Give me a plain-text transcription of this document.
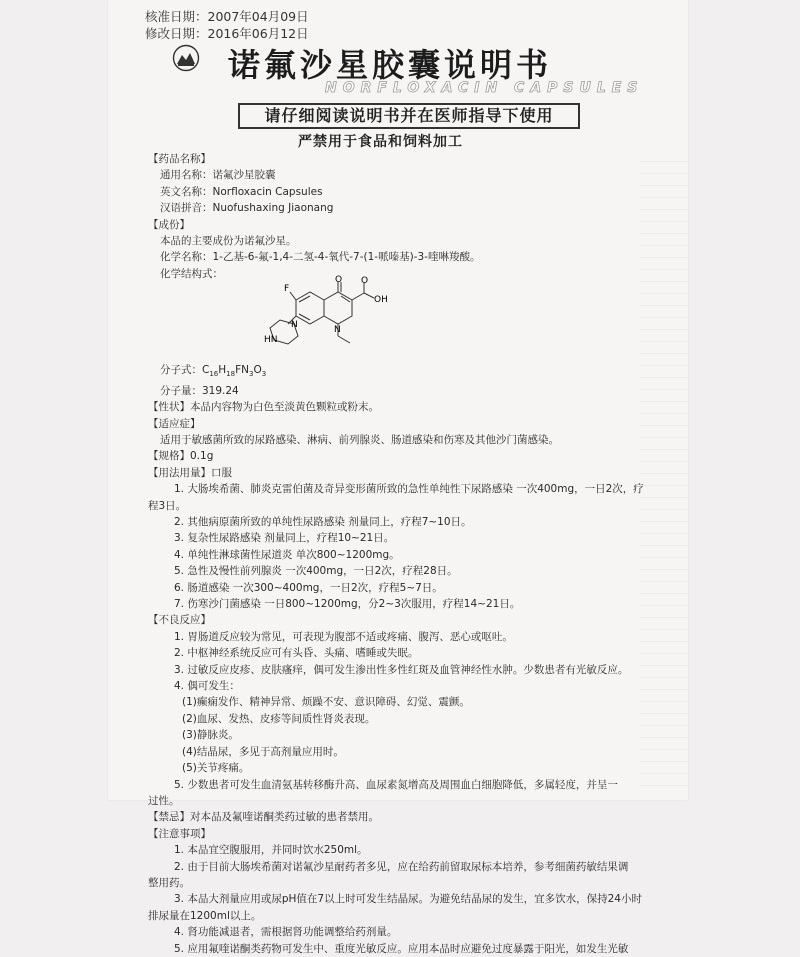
核准日期：2007年04月09日
修改日期：2016年06月12日
诺氟沙星胶囊说明书
NORFLOXACIN CAPSULES
请仔细阅读说明书并在医师指导下使用
严禁用于食品和饲料加工
【药品名称】
通用名称：诺氟沙星胶囊
英文名称：Norfloxacin Capsules
汉语拼音：Nuofushaxing Jiaonang
【成份】
本品的主要成份为诺氟沙星。
化学名称：1-乙基-6-氟-1,4-二氢-4-氧代-7-(1-哌嗪基)-3-喹啉羧酸。
化学结构式：
F
O O
OH
N
HN
N
分子式：$C_{16}H_{18}FN_3O_3$
分子量：319.24
【性状】本品内容物为白色至淡黄色颗粒或粉末。
【适应症】
适用于敏感菌所致的尿路感染、淋病、前列腺炎、肠道感染和伤寒及其他沙门菌感染。
【规格】0.1g
【用法用量】口服
1. 大肠埃希菌、肺炎克雷伯菌及奇异变形菌所致的急性单纯性下尿路感染 一次400mg，一日2次，疗
程3日。
2. 其他病原菌所致的单纯性尿路感染 剂量同上，疗程7~10日。
3. 复杂性尿路感染 剂量同上，疗程10~21日。
4. 单纯性淋球菌性尿道炎 单次800~1200mg。
5. 急性及慢性前列腺炎 一次400mg，一日2次，疗程28日。
6. 肠道感染 一次300~400mg，一日2次，疗程5~7日。
7. 伤寒沙门菌感染 一日800~1200mg，分2~3次服用，疗程14~21日。
【不良反应】
1. 胃肠道反应较为常见，可表现为腹部不适或疼痛、腹泻、恶心或呕吐。
2. 中枢神经系统反应可有头昏、头痛、嗜睡或失眠。
3. 过敏反应皮疹、皮肤瘙痒，偶可发生渗出性多性红斑及血管神经性水肿。少数患者有光敏反应。
4. 偶可发生：
(1)癫痫发作、精神异常、烦躁不安、意识障碍、幻觉、震颤。
(2)血尿、发热、皮疹等间质性肾炎表现。
(3)静脉炎。
(4)结晶尿，多见于高剂量应用时。
(5)关节疼痛。
5. 少数患者可发生血清氨基转移酶升高、血尿素氮增高及周围血白细胞降低，多属轻度，并呈一
过性。
【禁忌】对本品及氟喹诺酮类药过敏的患者禁用。
【注意事项】
1. 本品宜空腹服用，并同时饮水250ml。
2. 由于目前大肠埃希菌对诺氟沙星耐药者多见，应在给药前留取尿标本培养，参考细菌药敏结果调
整用药。
3. 本品大剂量应用或尿pH值在7以上时可发生结晶尿。为避免结晶尿的发生，宜多饮水，保持24小时
排尿量在1200ml以上。
4. 肾功能减退者，需根据肾功能调整给药剂量。
5. 应用氟喹诺酮类药物可发生中、重度光敏反应。应用本品时应避免过度暴露于阳光，如发生光敏
